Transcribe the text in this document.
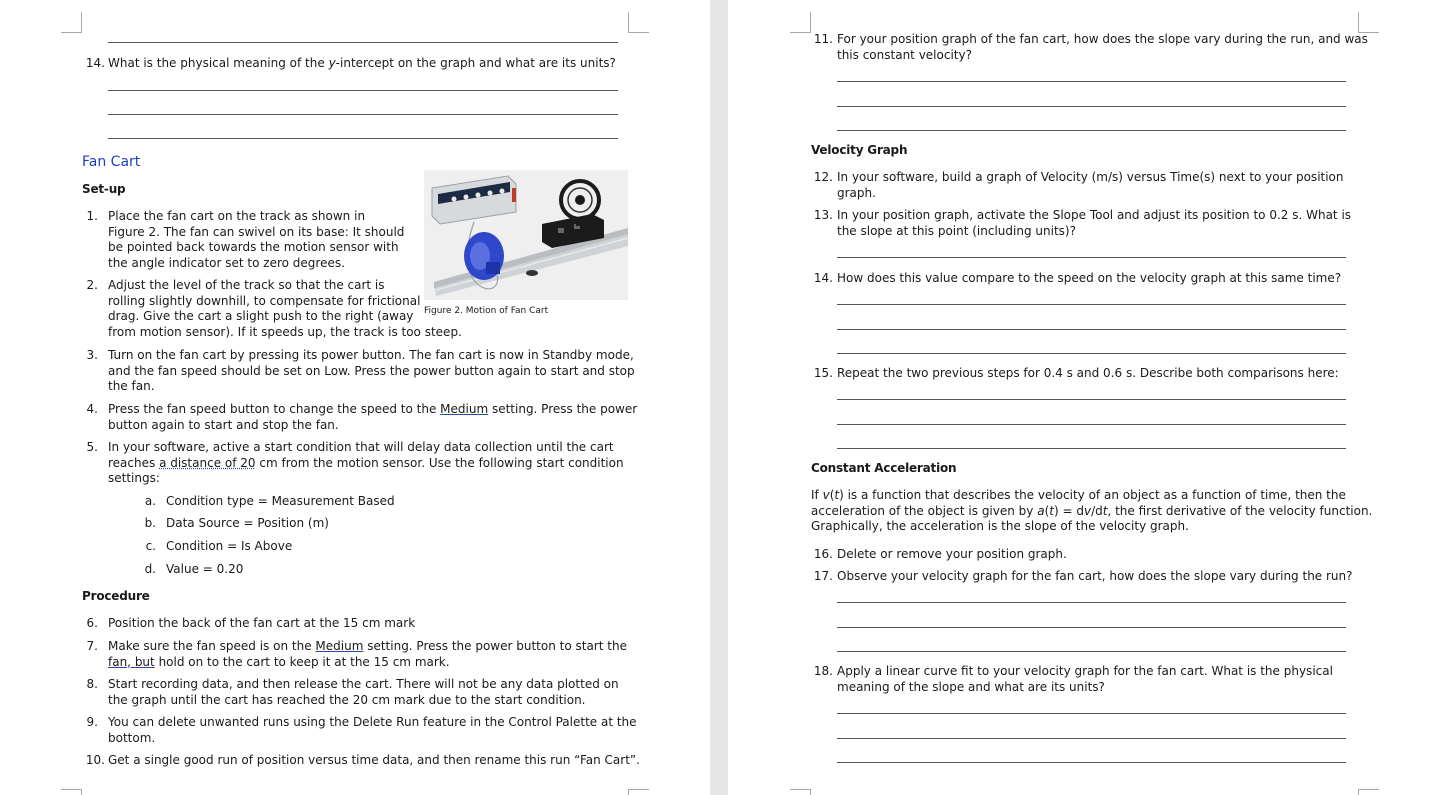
14. What is the physical meaning of the y-intercept on the graph and what are its units?
Fan Cart
Set-up
1. Place the fan cart on the track as shown in
Figure 2. The fan can swivel on its base: It should
be pointed back towards the motion sensor with
the angle indicator set to zero degrees.
2. Adjust the level of the track so that the cart is
rolling slightly downhill, to compensate for frictional
drag. Give the cart a slight push to the right (away
from motion sensor). If it speeds up, the track is too steep.
Figure 2. Motion of Fan Cart
3. Turn on the fan cart by pressing its power button. The fan cart is now in Standby mode,
and the fan speed should be set on Low. Press the power button again to start and stop
the fan.
4. Press the fan speed button to change the speed to the Medium setting. Press the power
button again to start and stop the fan.
5. In your software, active a start condition that will delay data collection until the cart
reaches a distance of 20 cm from the motion sensor. Use the following start condition
settings:
a. Condition type = Measurement Based
b. Data Source = Position (m)
c. Condition = Is Above
d. Value = 0.20
Procedure
6. Position the back of the fan cart at the 15 cm mark
7. Make sure the fan speed is on the Medium setting. Press the power button to start the
fan, but hold on to the cart to keep it at the 15 cm mark.
8. Start recording data, and then release the cart. There will not be any data plotted on
the graph until the cart has reached the 20 cm mark due to the start condition.
9. You can delete unwanted runs using the Delete Run feature in the Control Palette at the
bottom.
10. Get a single good run of position versus time data, and then rename this run “Fan Cart”.
11. For your position graph of the fan cart, how does the slope vary during the run, and was
this constant velocity?
Velocity Graph
12. In your software, build a graph of Velocity (m/s) versus Time(s) next to your position
graph.
13. In your position graph, activate the Slope Tool and adjust its position to 0.2 s. What is
the slope at this point (including units)?
14. How does this value compare to the speed on the velocity graph at this same time?
15. Repeat the two previous steps for 0.4 s and 0.6 s. Describe both comparisons here:
Constant Acceleration
If v(t) is a function that describes the velocity of an object as a function of time, then the
acceleration of the object is given by a(t) = dv/dt, the first derivative of the velocity function.
Graphically, the acceleration is the slope of the velocity graph.
16. Delete or remove your position graph.
17. Observe your velocity graph for the fan cart, how does the slope vary during the run?
18. Apply a linear curve fit to your velocity graph for the fan cart. What is the physical
meaning of the slope and what are its units?
